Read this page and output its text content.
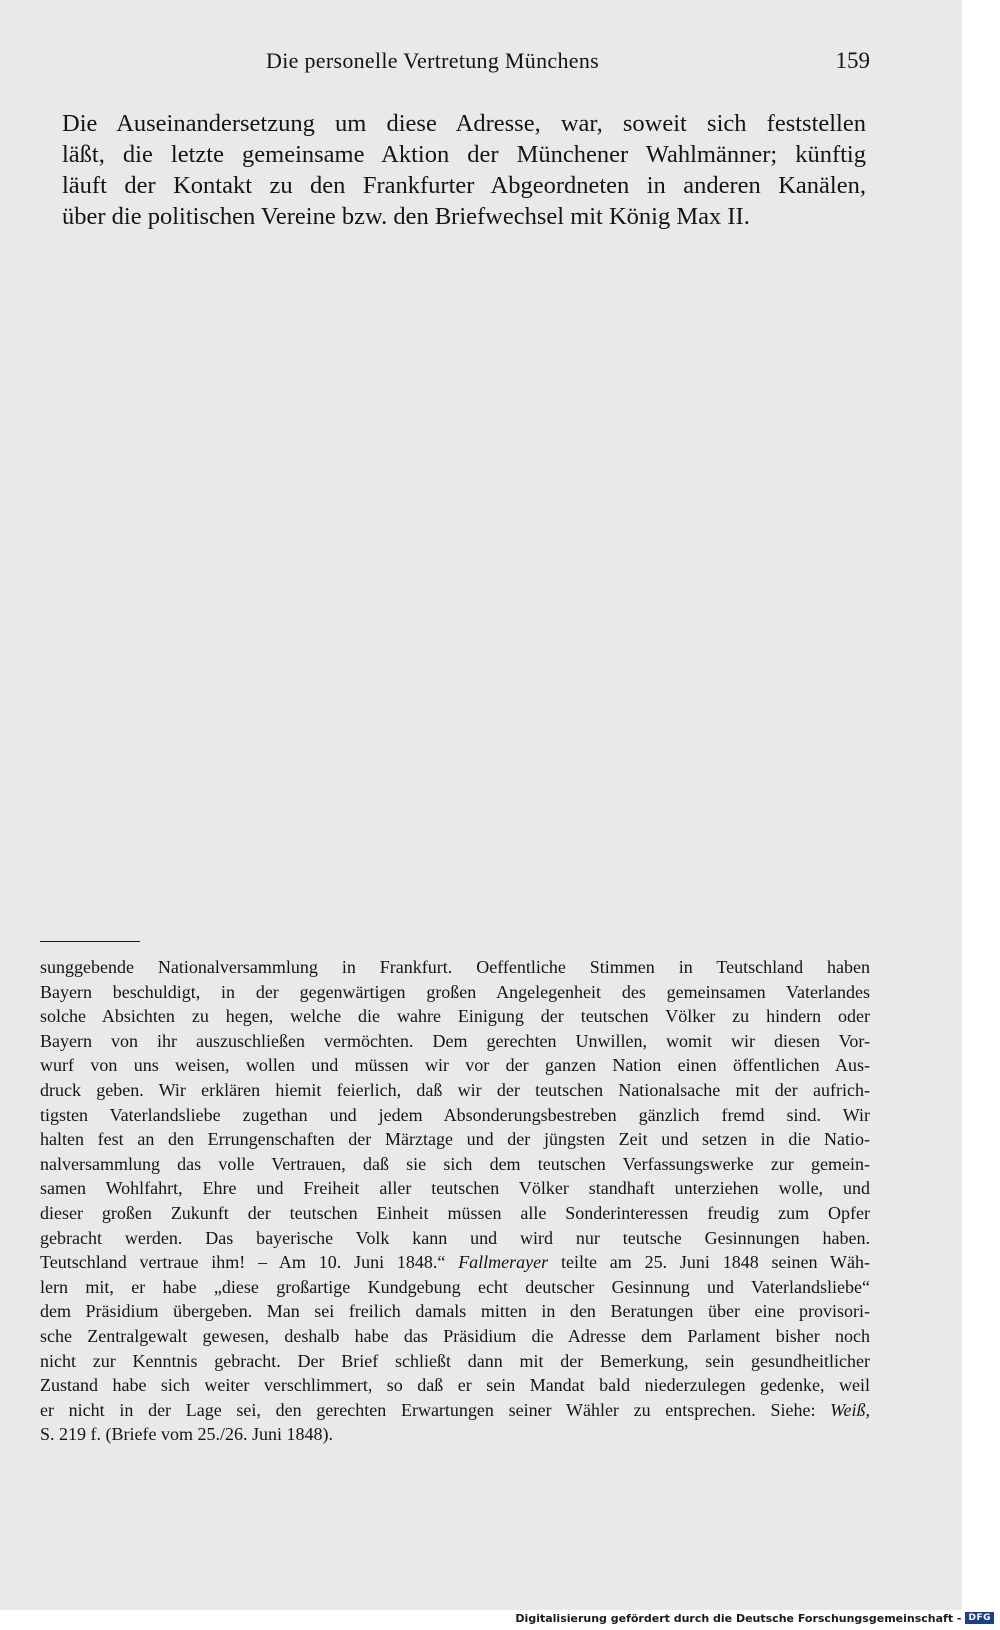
Die personelle Vertretung Münchens	159

Die Auseinandersetzung um diese Adresse, war, soweit sich feststellen
läßt, die letzte gemeinsame Aktion der Münchener Wahlmänner; künftig
läuft der Kontakt zu den Frankfurter Abgeordneten in anderen Kanälen,
über die politischen Vereine bzw. den Briefwechsel mit König Max II.

sunggebende Nationalversammlung in Frankfurt. Oeffentliche Stimmen in Teutschland haben
Bayern beschuldigt, in der gegenwärtigen großen Angelegenheit des gemeinsamen Vaterlandes
solche Absichten zu hegen, welche die wahre Einigung der teutschen Völker zu hindern oder
Bayern von ihr auszuschließen vermöchten. Dem gerechten Unwillen, womit wir diesen Vor-
wurf von uns weisen, wollen und müssen wir vor der ganzen Nation einen öffentlichen Aus-
druck geben. Wir erklären hiemit feierlich, daß wir der teutschen Nationalsache mit der aufrich-
tigsten Vaterlandsliebe zugethan und jedem Absonderungsbestreben gänzlich fremd sind. Wir
halten fest an den Errungenschaften der Märztage und der jüngsten Zeit und setzen in die Natio-
nalversammlung das volle Vertrauen, daß sie sich dem teutschen Verfassungswerke zur gemein-
samen Wohlfahrt, Ehre und Freiheit aller teutschen Völker standhaft unterziehen wolle, und
dieser großen Zukunft der teutschen Einheit müssen alle Sonderinteressen freudig zum Opfer
gebracht werden. Das bayerische Volk kann und wird nur teutsche Gesinnungen haben.
Teutschland vertraue ihm! – Am 10. Juni 1848.“ Fallmerayer teilte am 25. Juni 1848 seinen Wäh-
lern mit, er habe „diese großartige Kundgebung echt deutscher Gesinnung und Vaterlandsliebe“
dem Präsidium übergeben. Man sei freilich damals mitten in den Beratungen über eine provisori-
sche Zentralgewalt gewesen, deshalb habe das Präsidium die Adresse dem Parlament bisher noch
nicht zur Kenntnis gebracht. Der Brief schließt dann mit der Bemerkung, sein gesundheitlicher
Zustand habe sich weiter verschlimmert, so daß er sein Mandat bald niederzulegen gedenke, weil
er nicht in der Lage sei, den gerechten Erwartungen seiner Wähler zu entsprechen. Siehe: Weiß,
S. 219 f. (Briefe vom 25./26. Juni 1848).
Digitalisierung gefördert durch die Deutsche Forschungsgemeinschaft - DFG
